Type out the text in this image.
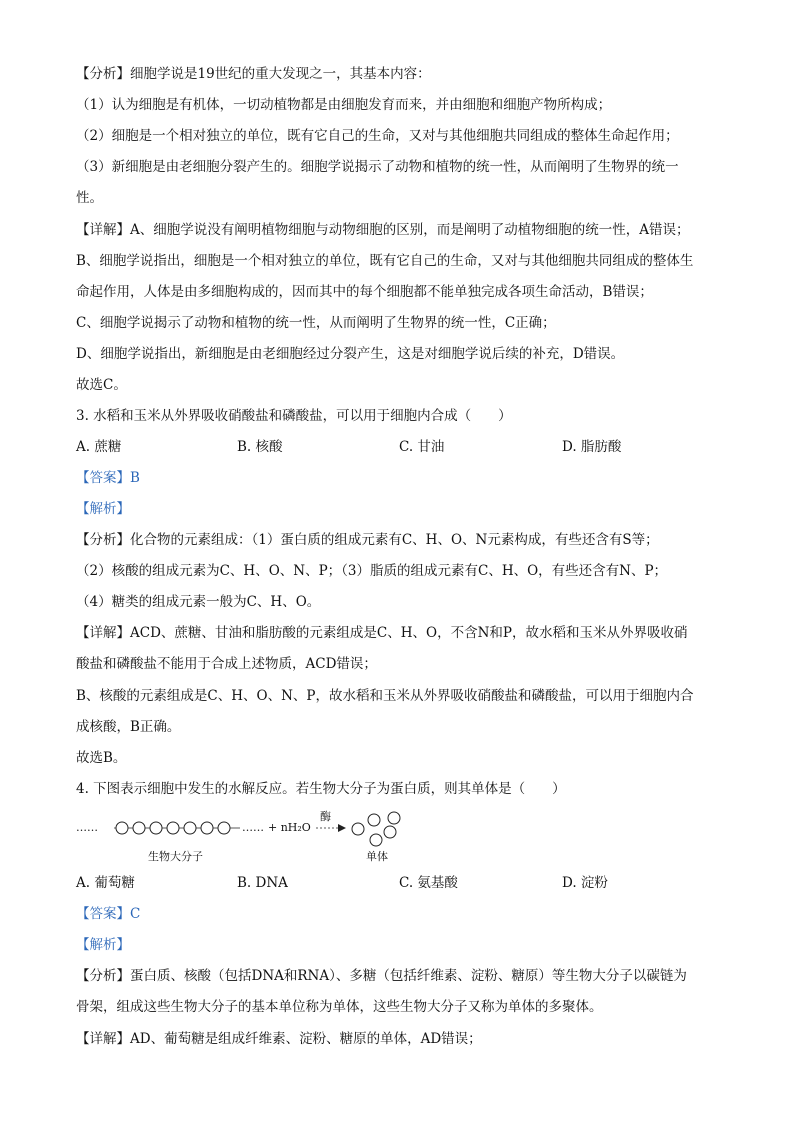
【分析】细胞学说是19世纪的重大发现之一，其基本内容：
（1）认为细胞是有机体，一切动植物都是由细胞发育而来，并由细胞和细胞产物所构成；
（2）细胞是一个相对独立的单位，既有它自己的生命，又对与其他细胞共同组成的整体生命起作用；
（3）新细胞是由老细胞分裂产生的。细胞学说揭示了动物和植物的统一性，从而阐明了生物界的统一
性。
【详解】A、细胞学说没有阐明植物细胞与动物细胞的区别，而是阐明了动植物细胞的统一性，A错误；
B、细胞学说指出，细胞是一个相对独立的单位，既有它自己的生命，又对与其他细胞共同组成的整体生
命起作用，人体是由多细胞构成的，因而其中的每个细胞都不能单独完成各项生命活动，B错误；
C、细胞学说揭示了动物和植物的统一性，从而阐明了生物界的统一性，C正确；
D、细胞学说指出，新细胞是由老细胞经过分裂产生，这是对细胞学说后续的补充，D错误。
故选C。
3. 水稻和玉米从外界吸收硝酸盐和磷酸盐，可以用于细胞内合成（　　）
A. 蔗糖	B. 核酸	C. 甘油	D. 脂肪酸
【答案】B
【解析】
【分析】化合物的元素组成：（1）蛋白质的组成元素有C、H、O、N元素构成，有些还含有S等；
（2）核酸的组成元素为C、H、O、N、P；（3）脂质的组成元素有C、H、O，有些还含有N、P；
（4）糖类的组成元素一般为C、H、O。
【详解】ACD、蔗糖、甘油和脂肪酸的元素组成是C、H、O，不含N和P，故水稻和玉米从外界吸收硝
酸盐和磷酸盐不能用于合成上述物质，ACD错误；
B、核酸的元素组成是C、H、O、N、P，故水稻和玉米从外界吸收硝酸盐和磷酸盐，可以用于细胞内合
成核酸，B正确。
故选B。
4. 下图表示细胞中发生的水解反应。若生物大分子为蛋白质，则其单体是（　　）
……	…… + nH₂O
酶
生物大分子	单体
A. 葡萄糖	B. DNA	C. 氨基酸	D. 淀粉
【答案】C
【解析】
【分析】蛋白质、核酸（包括DNA和RNA）、多糖（包括纤维素、淀粉、糖原）等生物大分子以碳链为
骨架，组成这些生物大分子的基本单位称为单体，这些生物大分子又称为单体的多聚体。
【详解】AD、葡萄糖是组成纤维素、淀粉、糖原的单体，AD错误；
